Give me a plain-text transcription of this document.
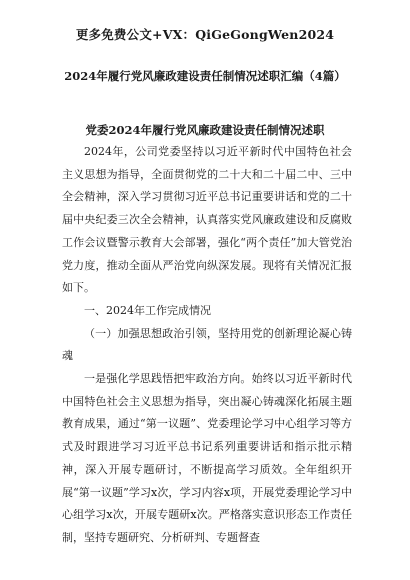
更多免费公文+VX：QiGeGongWen2024
2024年履行党风廉政建设责任制情况述职汇编（4篇）
党委2024年履行党风廉政建设责任制情况述职

2024年，公司党委坚持以习近平新时代中国特色社会主义思想为指导，全面贯彻党的二十大和二十届二中、三中全会精神，深入学习贯彻习近平总书记重要讲话和党的二十届中央纪委三次全会精神，认真落实党风廉政建设和反腐败工作会议暨警示教育大会部署，强化“两个责任”加大管党治党力度，推动全面从严治党向纵深发展。现将有关情况汇报如下。

一、2024年工作完成情况

（一）加强思想政治引领，坚持用党的创新理论凝心铸魂

一是强化学思践悟把牢政治方向。始终以习近平新时代中国特色社会主义思想为指导，突出凝心铸魂深化拓展主题教育成果，通过“第一议题”、党委理论学习中心组学习等方式及时跟进学习习近平总书记系列重要讲话和指示批示精神，深入开展专题研讨，不断提高学习质效。全年组织开展“第一议题”学习x次，学习内容x项，开展党委理论学习中心组学习x次，开展专题研x次。严格落实意识形态工作责任制，坚持专题研究、分析研判、专题督查
